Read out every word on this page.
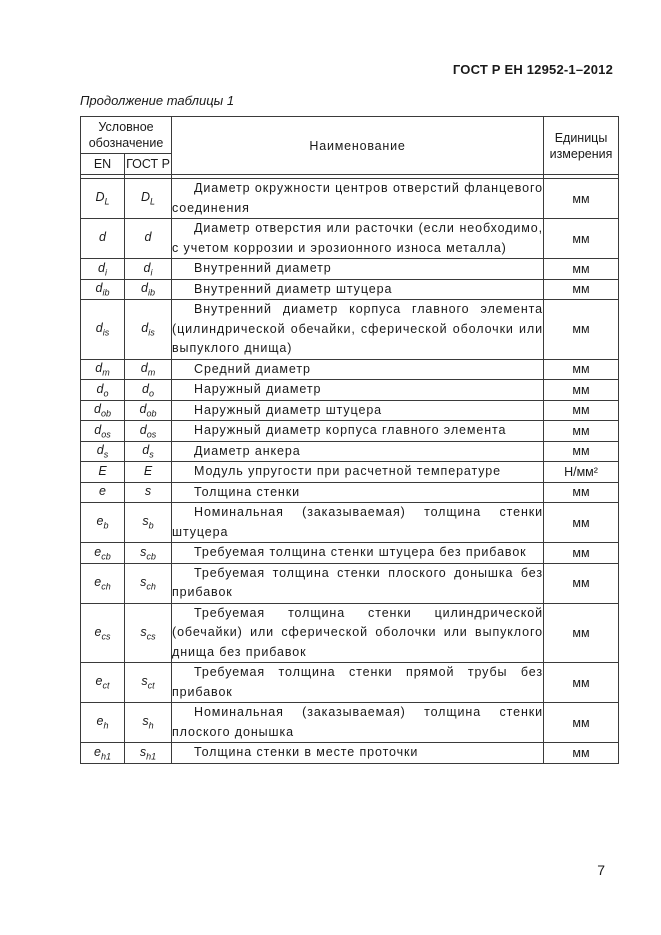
ГОСТ Р ЕН 12952-1–2012
Продолжение таблицы 1
Условное обозначение		Наименование	Единицы измерения
EN	ГОСТ Р		

$D_L$	$D_L$	Диаметр окружности центров отверстий фланцевого соединения	мм
d	d	Диаметр отверстия или расточки (если необходимо, с учетом коррозии и эрозионного износа металла)	мм
$d_i$	$d_i$	Внутренний диаметр	мм
$d_{ib}$	$d_{ib}$	Внутренний диаметр штуцера	мм
$d_{is}$	$d_{is}$	Внутренний диаметр корпуса главного элемента (цилиндрической обечайки, сферической оболочки или выпуклого днища)	мм
$d_m$	$d_m$	Средний диаметр	мм
$d_o$	$d_o$	Наружный диаметр	мм
$d_{ob}$	$d_{ob}$	Наружный диаметр штуцера	мм
$d_{os}$	$d_{os}$	Наружный диаметр корпуса главного элемента	мм
$d_s$	$d_s$	Диаметр анкера	мм
E	E	Модуль упругости при расчетной температуре	Н/мм²
e	s	Толщина стенки	мм
$e_b$	$s_b$	Номинальная (заказываемая) толщина стенки штуцера	мм
$e_{cb}$	$s_{cb}$	Требуемая толщина стенки штуцера без прибавок	мм
$e_{ch}$	$s_{ch}$	Требуемая толщина стенки плоского донышка без прибавок	мм
$e_{cs}$	$s_{cs}$	Требуемая толщина стенки цилиндрической (обечайки) или сферической оболочки или выпуклого днища без прибавок	мм
$e_{ct}$	$s_{ct}$	Требуемая толщина стенки прямой трубы без прибавок	мм
$e_h$	$s_h$	Номинальная (заказываемая) толщина стенки плоского донышка	мм
$e_{h1}$	$s_{h1}$	Толщина стенки в месте проточки	мм
7
